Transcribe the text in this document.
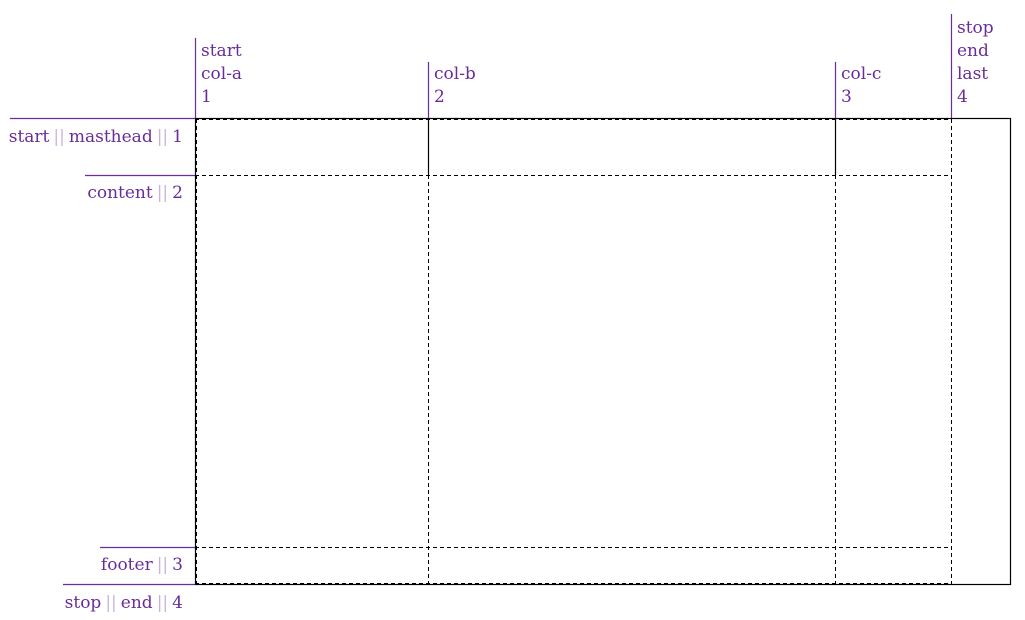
start
col-a
1
col-b
2
col-c
3
stop
end
last
4
start || masthead || 1
content || 2
footer || 3
stop || end || 4
